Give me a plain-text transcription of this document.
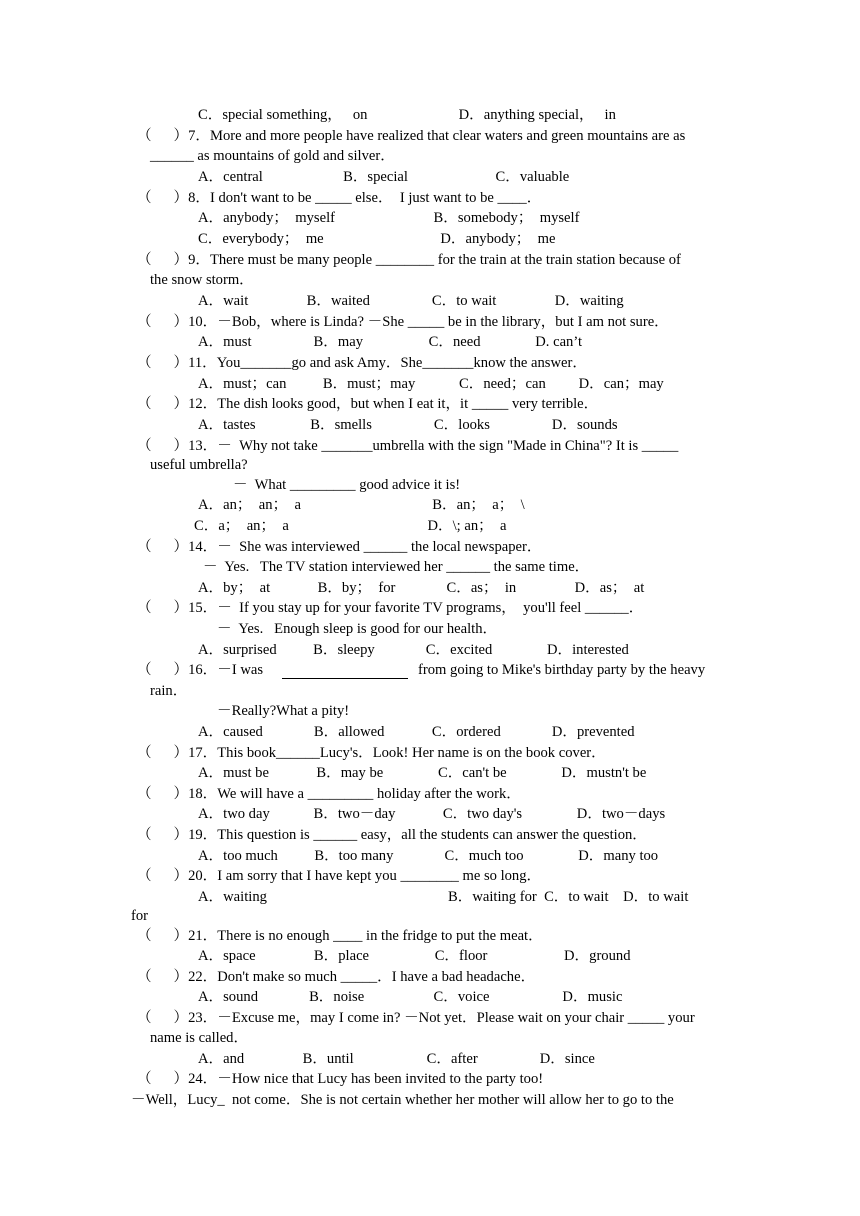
C．special something，   on                         D．anything special，   in
（      ）7．More and more people have realized that clear waters and green mountains are as
______ as mountains of gold and silver．
A．central                      B．special                        C．valuable
（      ）8．I don't want to be _____ else．  I just want to be ____．
A．anybody；  myself                           B．somebody；  myself
C．everybody；  me                                D．anybody；  me
（      ）9．There must be many people ________ for the train at the train station because of
the snow storm．
A．wait                B．waited                 C．to wait                D．waiting
（      ）10．－Bob，where is Linda? －She _____ be in the library，but I am not sure．
A．must                 B．may                  C．need               D. can’t
（      ）11．You_______go and ask Amy．She_______know the answer．
A．must；can          B．must；may            C．need；can         D．can；may
（      ）12．The dish looks good，but when I eat it，it _____ very terrible．
A．tastes               B．smells                 C．looks                 D．sounds
（      ）13．－  Why not take _______umbrella with the sign "Made in China"? It is _____
useful umbrella?
－  What _________ good advice it is!
A．an；  an；  a                                    B．an；  a；  \
C．a；  an；  a                                      D．\; an；  a
（      ）14．－  She was interviewed ______ the local newspaper．
－  Yes.   The TV station interviewed her ______ the same time．
A．by；  at             B．by；  for              C．as；  in                D．as；  at
（      ）15．－  If you stay up for your favorite TV programs，  you'll feel ______．
－  Yes.   Enough sleep is good for our health．
A．surprised          B．sleepy              C．excited               D．interested
（      ）16．－I was	from going to Mike's birthday party by the heavy
rain．
－Really?What a pity!
A．caused              B．allowed             C．ordered              D．prevented
（      ）17．This book______Lucy's．Look! Her name is on the book cover．
A．must be             B．may be               C．can't be               D．mustn't be
（      ）18．We will have a _________ holiday after the work．
A．two day            B．two－day             C．two day's               D．two－days
（      ）19．This question is ______ easy，all the students can answer the question．
A．too much          B．too many              C．much too               D．many too
（      ）20．I am sorry that I have kept you ________ me so long．
A．waiting	B．waiting for  C．to wait    D．to wait
for
（      ）21．There is no enough ____ in the fridge to put the meat．
A．space                B．place                  C．floor                     D．ground
（      ）22．Don't make so much _____．I have a bad headache．
A．sound              B．noise                   C．voice                    D．music
（      ）23．－Excuse me，may I come in? －Not yet．Please wait on your chair _____ your
name is called．
A．and                B．until                    C．after                 D．since
（      ）24．－How nice that Lucy has been invited to the party too!
－Well，Lucy_  not come．She is not certain whether her mother will allow her to go to the
